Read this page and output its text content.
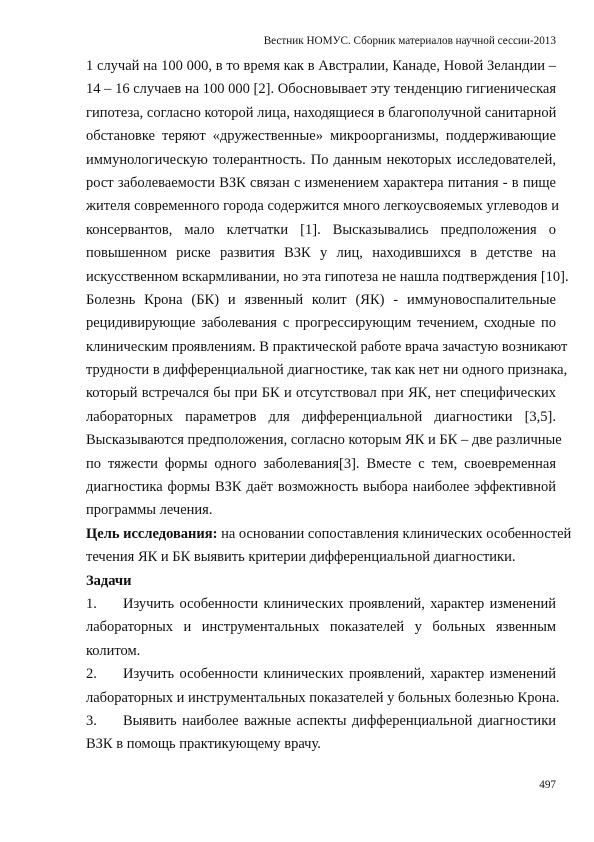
Вестник НОМУС. Сборник материалов научной сессии-2013
1 случай на 100 000, в то время как в Австралии, Канаде, Новой Зеландии –
14 – 16 случаев на 100 000 [2]. Обосновывает эту тенденцию гигиеническая
гипотеза, согласно которой лица, находящиеся в благополучной санитарной
обстановке теряют «дружественные» микроорганизмы, поддерживающие
иммунологическую толерантность. По данным некоторых исследователей,
рост заболеваемости ВЗК связан с изменением характера питания - в пище
жителя современного города содержится много легкоусвояемых углеводов и
консервантов, мало клетчатки [1]. Высказывались предположения о
повышенном риске развития ВЗК у лиц, находившихся в детстве на
искусственном вскармливании, но эта гипотеза не нашла подтверждения [10].
Болезнь Крона (БК) и язвенный колит (ЯК) - иммуновоспалительные
рецидивирующие заболевания с прогрессирующим течением, сходные по
клиническим проявлениям. В практической работе врача зачастую возникают
трудности в дифференциальной диагностике, так как нет ни одного признака,
который встречался бы при БК и отсутствовал при ЯК, нет специфических
лабораторных параметров для дифференциальной диагностики [3,5].
Высказываются предположения, согласно которым ЯК и БК – две различные
по тяжести формы одного заболевания[3]. Вместе с тем, своевременная
диагностика формы ВЗК даёт возможность выбора наиболее эффективной
программы лечения.
Цель исследования: на основании сопоставления клинических особенностей
течения ЯК и БК выявить критерии дифференциальной диагностики.
Задачи
1.	Изучить особенности клинических проявлений, характер изменений
лабораторных и инструментальных показателей у больных язвенным
колитом.
2.	Изучить особенности клинических проявлений, характер изменений
лабораторных и инструментальных показателей у больных болезнью Крона.
3.	Выявить наиболее важные аспекты дифференциальной диагностики
ВЗК в помощь практикующему врачу.
497
